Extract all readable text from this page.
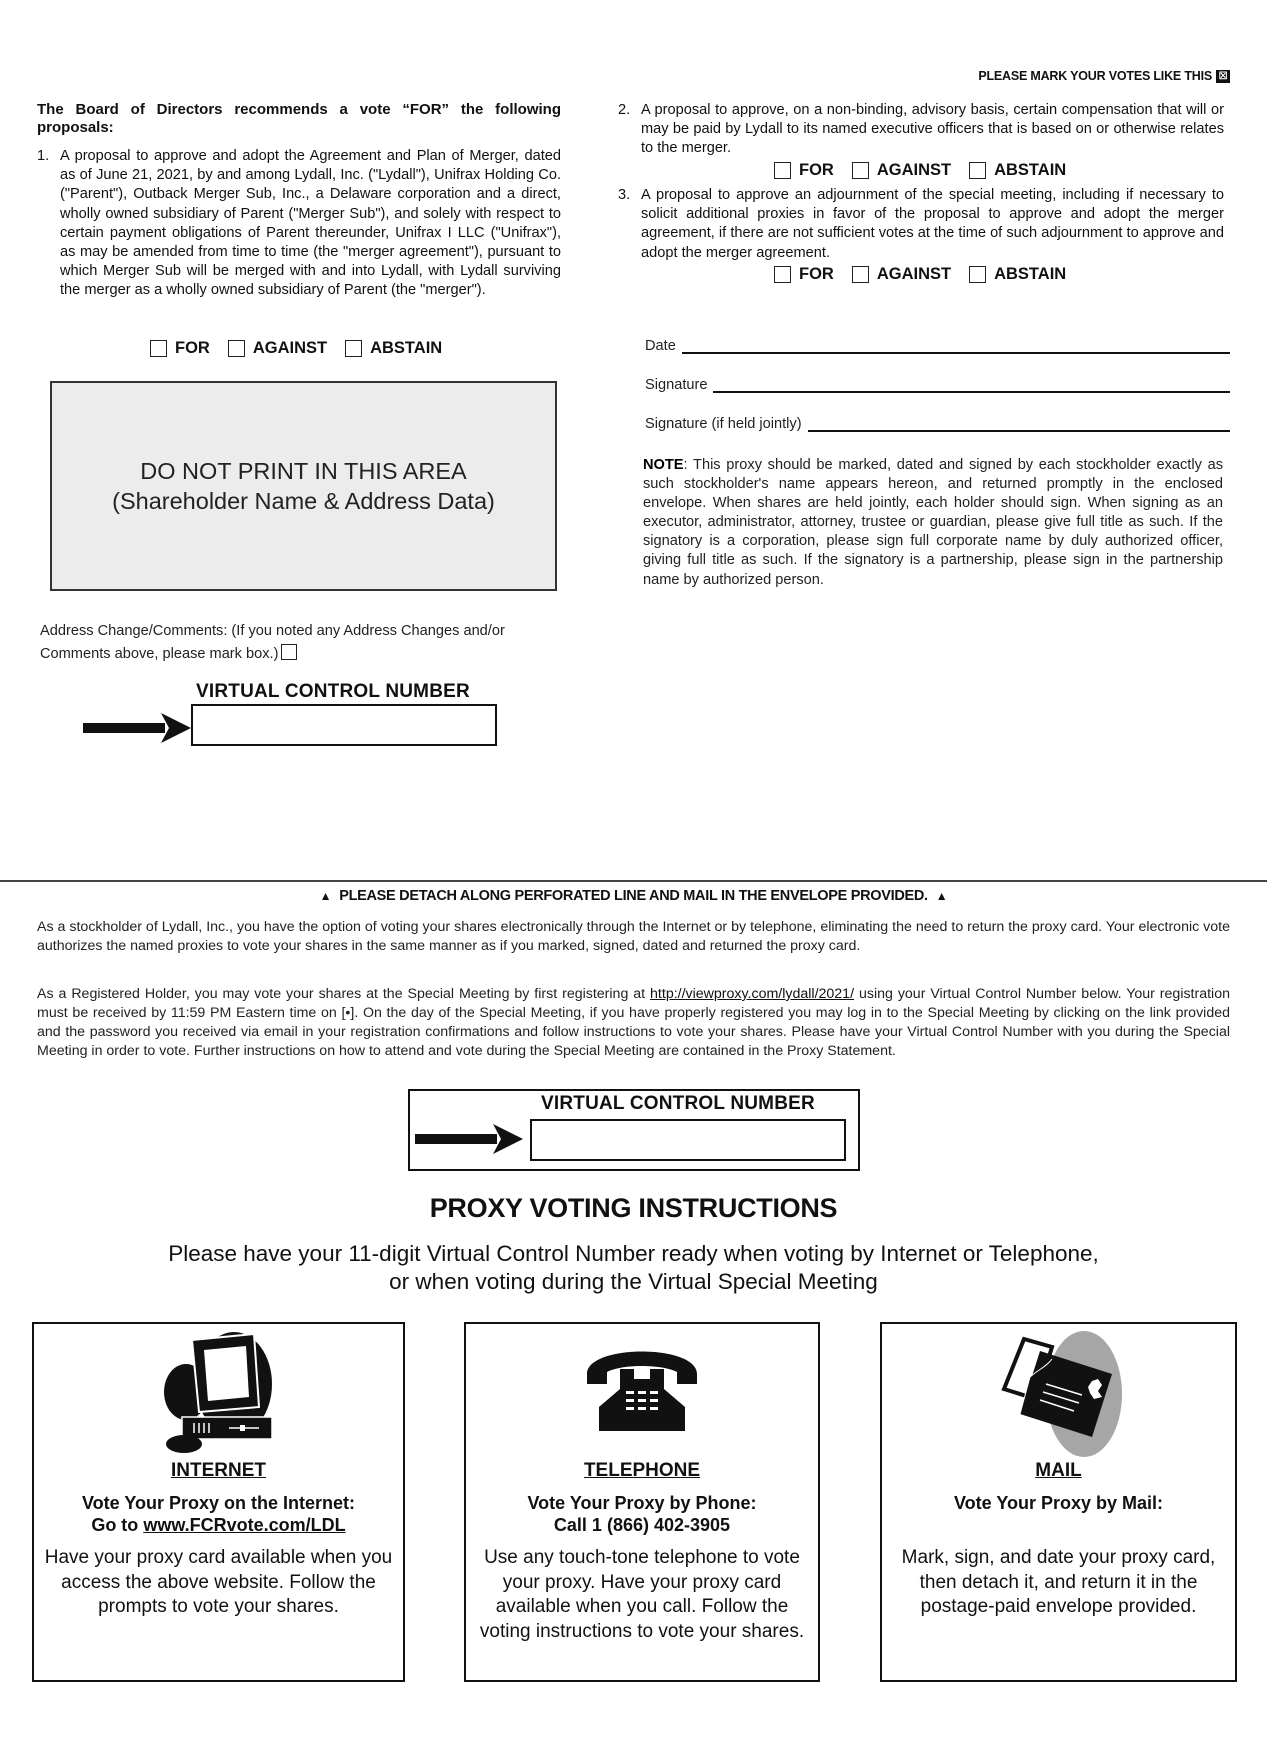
PLEASE MARK YOUR VOTES LIKE THIS ☒
The Board of Directors recommends a vote “FOR” the following proposals:
1. A proposal to approve and adopt the Agreement and Plan of Merger, dated as of June 21, 2021, by and among Lydall, Inc. ("Lydall"), Unifrax Holding Co. ("Parent"), Outback Merger Sub, Inc., a Delaware corporation and a direct, wholly owned subsidiary of Parent ("Merger Sub"), and solely with respect to certain payment obligations of Parent thereunder, Unifrax I LLC ("Unifrax"), as may be amended from time to time (the "merger agreement"), pursuant to which Merger Sub will be merged with and into Lydall, with Lydall surviving the merger as a wholly owned subsidiary of Parent (the "merger").
FOR	AGAINST	ABSTAIN
2. A proposal to approve, on a non-binding, advisory basis, certain compensation that will or may be paid by Lydall to its named executive officers that is based on or otherwise relates to the merger.
FOR	AGAINST	ABSTAIN
3. A proposal to approve an adjournment of the special meeting, including if necessary to solicit additional proxies in favor of the proposal to approve and adopt the merger agreement, if there are not sufficient votes at the time of such adjournment to approve and adopt the merger agreement.
FOR	AGAINST	ABSTAIN
DO NOT PRINT IN THIS AREA
(Shareholder Name & Address Data)
Address Change/Comments: (If you noted any Address Changes and/or Comments above, please mark box.)
VIRTUAL CONTROL NUMBER
Date
Signature
Signature (if held jointly)
NOTE: This proxy should be marked, dated and signed by each stockholder exactly as such stockholder's name appears hereon, and returned promptly in the enclosed envelope. When shares are held jointly, each holder should sign. When signing as an executor, administrator, attorney, trustee or guardian, please give full title as such. If the signatory is a corporation, please sign full corporate name by duly authorized officer, giving full title as such. If the signatory is a partnership, please sign in the partnership name by authorized person.
▲ PLEASE DETACH ALONG PERFORATED LINE AND MAIL IN THE ENVELOPE PROVIDED. ▲
As a stockholder of Lydall, Inc., you have the option of voting your shares electronically through the Internet or by telephone, eliminating the need to return the proxy card. Your electronic vote authorizes the named proxies to vote your shares in the same manner as if you marked, signed, dated and returned the proxy card.
As a Registered Holder, you may vote your shares at the Special Meeting by first registering at http://viewproxy.com/lydall/2021/ using your Virtual Control Number below. Your registration must be received by 11:59 PM Eastern time on [•]. On the day of the Special Meeting, if you have properly registered you may log in to the Special Meeting by clicking on the link provided and the password you received via email in your registration confirmations and follow instructions to vote your shares. Please have your Virtual Control Number with you during the Special Meeting in order to vote. Further instructions on how to attend and vote during the Special Meeting are contained in the Proxy Statement.
VIRTUAL CONTROL NUMBER
PROXY VOTING INSTRUCTIONS
Please have your 11-digit Virtual Control Number ready when voting by Internet or Telephone,
or when voting during the Virtual Special Meeting
INTERNET
Vote Your Proxy on the Internet:
Go to www.FCRvote.com/LDL
Have your proxy card available when you access the above website. Follow the prompts to vote your shares.
TELEPHONE
Vote Your Proxy by Phone:
Call 1 (866) 402-3905
Use any touch-tone telephone to vote your proxy. Have your proxy card available when you call. Follow the voting instructions to vote your shares.
MAIL
Vote Your Proxy by Mail:
Mark, sign, and date your proxy card, then detach it, and return it in the postage-paid envelope provided.
